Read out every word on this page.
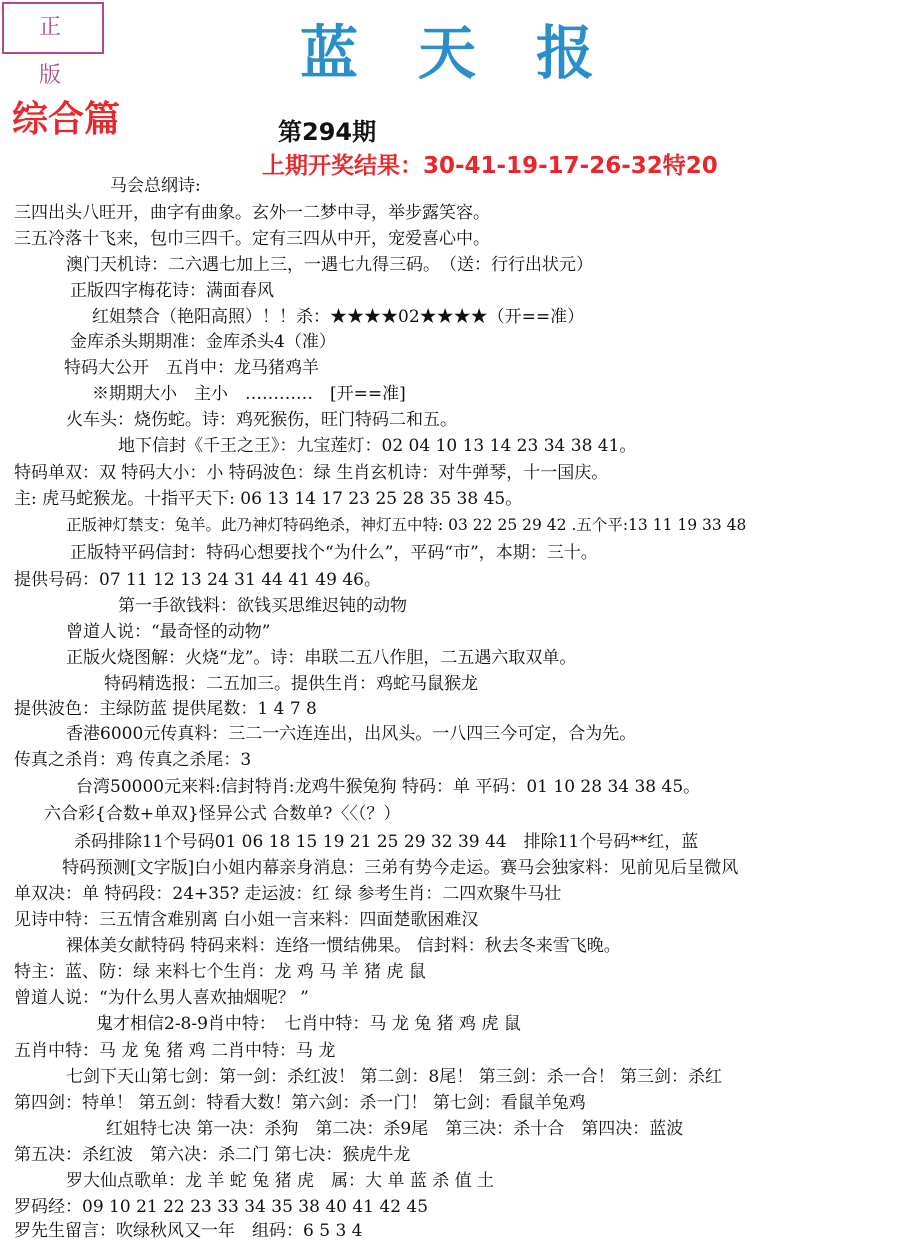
正 版	蓝天报
综合篇	第294期
上期开奖结果：30-41-19-17-26-32特20
马会总纲诗:
三四出头八旺开，曲字有曲象。玄外一二梦中寻，举步露笑容。
三五冷落十飞来，包巾三四千。定有三四从中开，宠爱喜心中。
澳门天机诗：二六遇七加上三，一遇七九得三码。　（送：行行出状元）
正版四字梅花诗：满面春风
红姐禁合（艳阳高照）！！杀：★★★★02★★★★（开==准）
金库杀头期期准：金库杀头4（准）
特码大公开　五肖中：龙马猪鸡羊
※期期大小　主小　…………　[开==准]
火车头：烧伤蛇。诗：鸡死猴伤，旺门特码二和五。
地下信封《千王之王》：九宝莲灯：02 04 10 13 14 23 34 38 41。
特码单双：双 特码大小：小 特码波色：绿 生肖玄机诗：对牛弹琴，十一国庆。
主: 虎马蛇猴龙。十指平天下: 06 13 14 17 23 25 28 35 38 45。
正版神灯禁支：兔羊。此乃神灯特码绝杀，神灯五中特: 03 22 25 29 42 .五个平:13 11 19 33 48
正版特平码信封：特码心想要找个“为什么”，平码“市”，本期：三十。
提供号码：07 11 12 13 24 31 44 41 49 46。
第一手欲钱料：欲钱买思维迟钝的动物
曾道人说：“最奇怪的动物”
正版火烧图解：火烧“龙”。诗：串联二五八作胆，二五遇六取双单。
特码精选报：二五加三。提供生肖：鸡蛇马鼠猴龙
提供波色：主绿防蓝 提供尾数：1 4 7 8
香港6000元传真料：三二一六连连出，出风头。一八四三今可定，合为先。
传真之杀肖：鸡 传真之杀尾：3
台湾50000元来料:信封特肖:龙鸡牛猴兔狗 特码：单 平码：01 10 28 34 38 45。
六合彩{合数+单双}怪异公式 合数单?〈〈（？）
杀码排除11个号码01 06 18 15 19 21 25 29 32 39 44　排除11个号码**红，蓝
特码预测[文字版]白小姐内幕亲身消息：三弟有势今走运。赛马会独家料：见前见后呈微风
单双决：单 特码段：24+35? 走运波：红 绿 参考生肖：二四欢聚牛马壮
见诗中特：三五情含难别离 白小姐一言来料：四面楚歌困难汉
裸体美女献特码 特码来料：连络一惯结佛果。 信封料：秋去冬来雪飞晚。
特主：蓝、防：绿 来料七个生肖：龙 鸡 马 羊 猪 虎 鼠
曾道人说：“为什么男人喜欢抽烟呢？ ”
鬼才相信2-8-9肖中特：　七肖中特：马 龙 兔 猪 鸡 虎 鼠
五肖中特：马 龙 兔 猪 鸡 二肖中特：马 龙
七剑下天山第七剑：第一剑：杀红波！ 第二剑：8尾！ 第三剑：杀一合！ 第三剑：杀红
第四剑：特单！ 第五剑：特看大数！第六剑：杀一门！ 第七剑：看鼠羊兔鸡
红姐特七决 第一决：杀狗　第二决：杀9尾　第三决：杀十合　第四决：蓝波
第五决：杀红波　第六决：杀二门 第七决：猴虎牛龙
罗大仙点歌单：龙 羊 蛇 兔 猪 虎　属：大 单 蓝 杀 值 土
罗码经：09 10 21 22 23 33 34 35 38 40 41 42 45
罗先生留言：吹绿秋风又一年　组码：6 5 3 4
